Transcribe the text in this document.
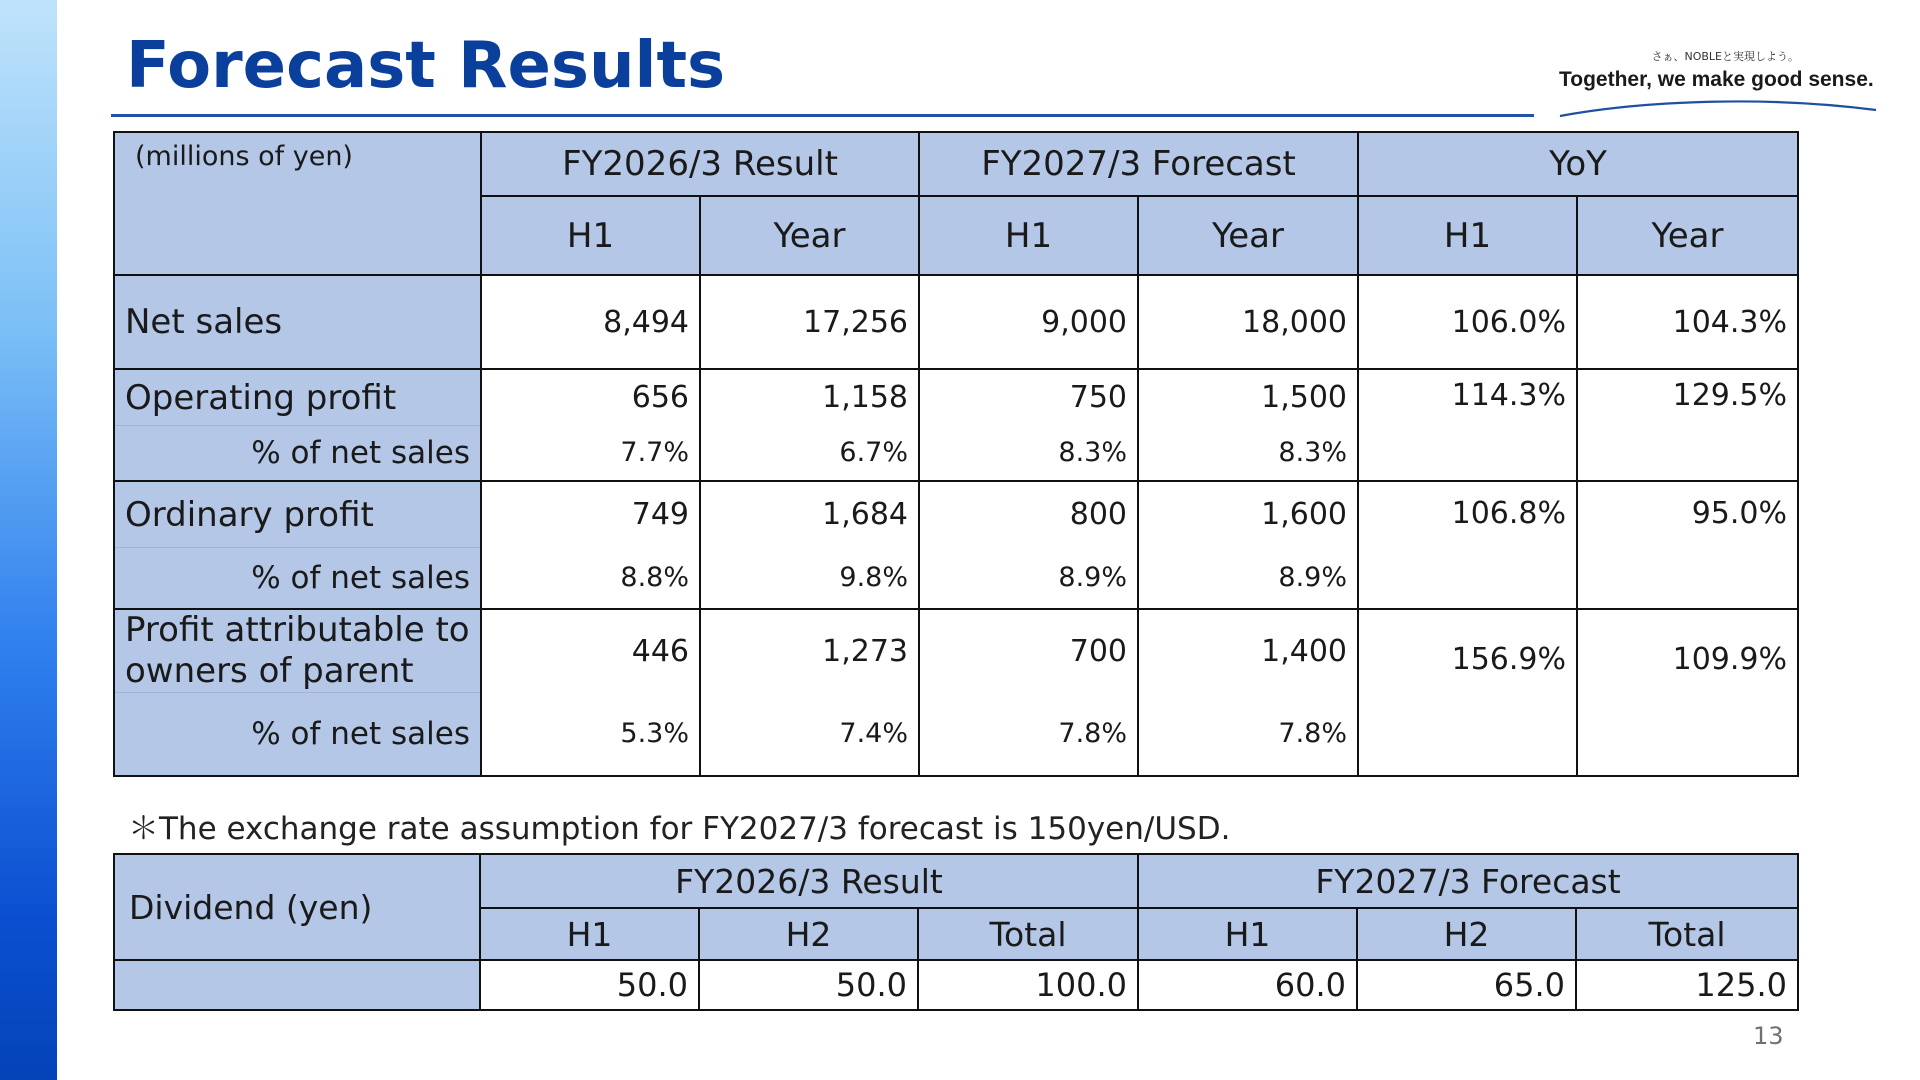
Forecast Results	さぁ、NOBLEと実現しよう。
Together, we make good sense.
(millions of yen)	FY2026/3 Result		FY2027/3 Forecast		YoY	
	H1	Year	H1	Year	H1	Year
Net sales	8,494	17,256	9,000	18,000	106.0%	104.3%
Operating profit	656	1,158	750	1,500	114.3%	129.5%
% of net sales	7.7%	6.7%	8.3%	8.3%		
Ordinary profit	749	1,684	800	1,600	106.8%	95.0%
% of net sales	8.8%	9.8%	8.9%	8.9%		
Profit attributable to
owners of parent	446	1,273	700	1,400	156.9%	109.9%
% of net sales	5.3%	7.4%	7.8%	7.8%		

＊The exchange rate assumption for FY2027/3 forecast is 150yen/USD.

Dividend (yen)	FY2026/3 Result			FY2027/3 Forecast		
	H1	H2	Total	H1	H2	Total
	50.0	50.0	100.0	60.0	65.0	125.0
13
